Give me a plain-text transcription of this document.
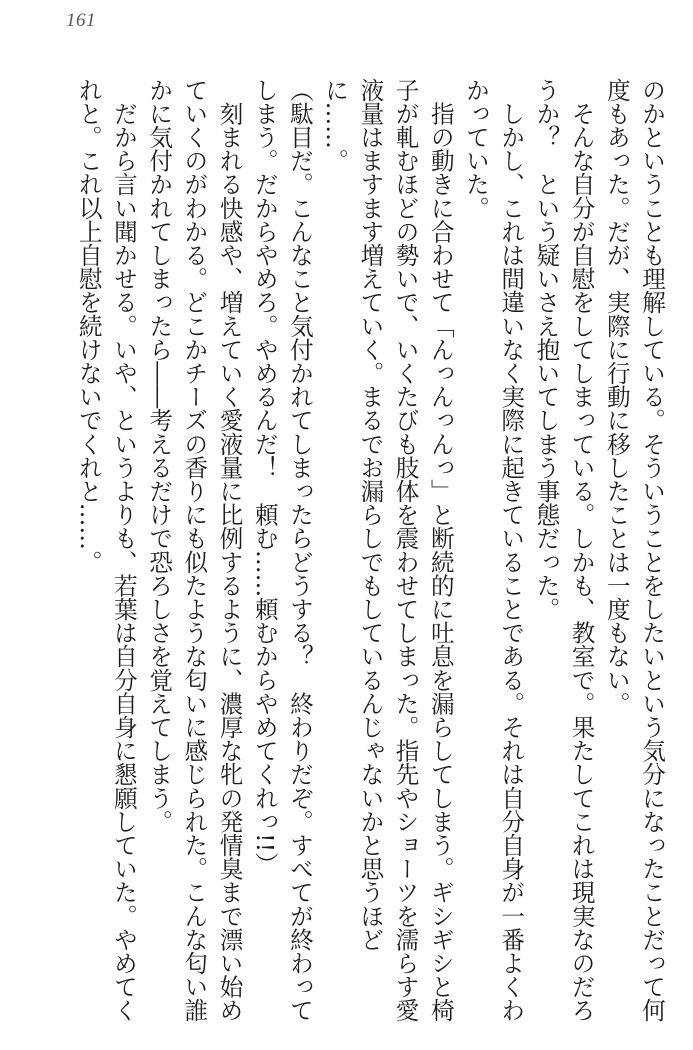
161

のかということも理解している。そういうことをしたいという気分になったことだって何度もあった。だが、実際に行動に移したことは一度もない。

　そんな自分が自慰をしてしまっている。しかも、教室で。果たしてこれは現実なのだろうか？　という疑いさえ抱いてしまう事態だった。

　しかし、これは間違いなく実際に起きていることである。それは自分自身が一番よくわかっていた。

　指の動きに合わせて「んっんっんっ」と断続的に吐息を漏らしてしまう。ギシギシと椅子が軋むほどの勢いで、いくたびも肢体を震わせてしまった。指先やショーツを濡らす愛液量はますます増えていく。まるでお漏らしでもしているんじゃないかと思うほどに……。

（駄目だ。こんなこと気付かれてしまったらどうする？　終わりだぞ。すべてが終わってしまう。だからやめろ。やめるんだ！　頼む……頼むからやめてくれっ!!）

　刻まれる快感や、増えていく愛液量に比例するように、濃厚な牝の発情臭まで漂い始めていくのがわかる。どこかチーズの香りにも似たような匂いに感じられた。こんな匂い誰かに気付かれてしまったら――考えるだけで恐ろしさを覚えてしまう。

　だから言い聞かせる。いや、というよりも、若葉は自分自身に懇願していた。やめてくれと。これ以上自慰を続けないでくれと……。
